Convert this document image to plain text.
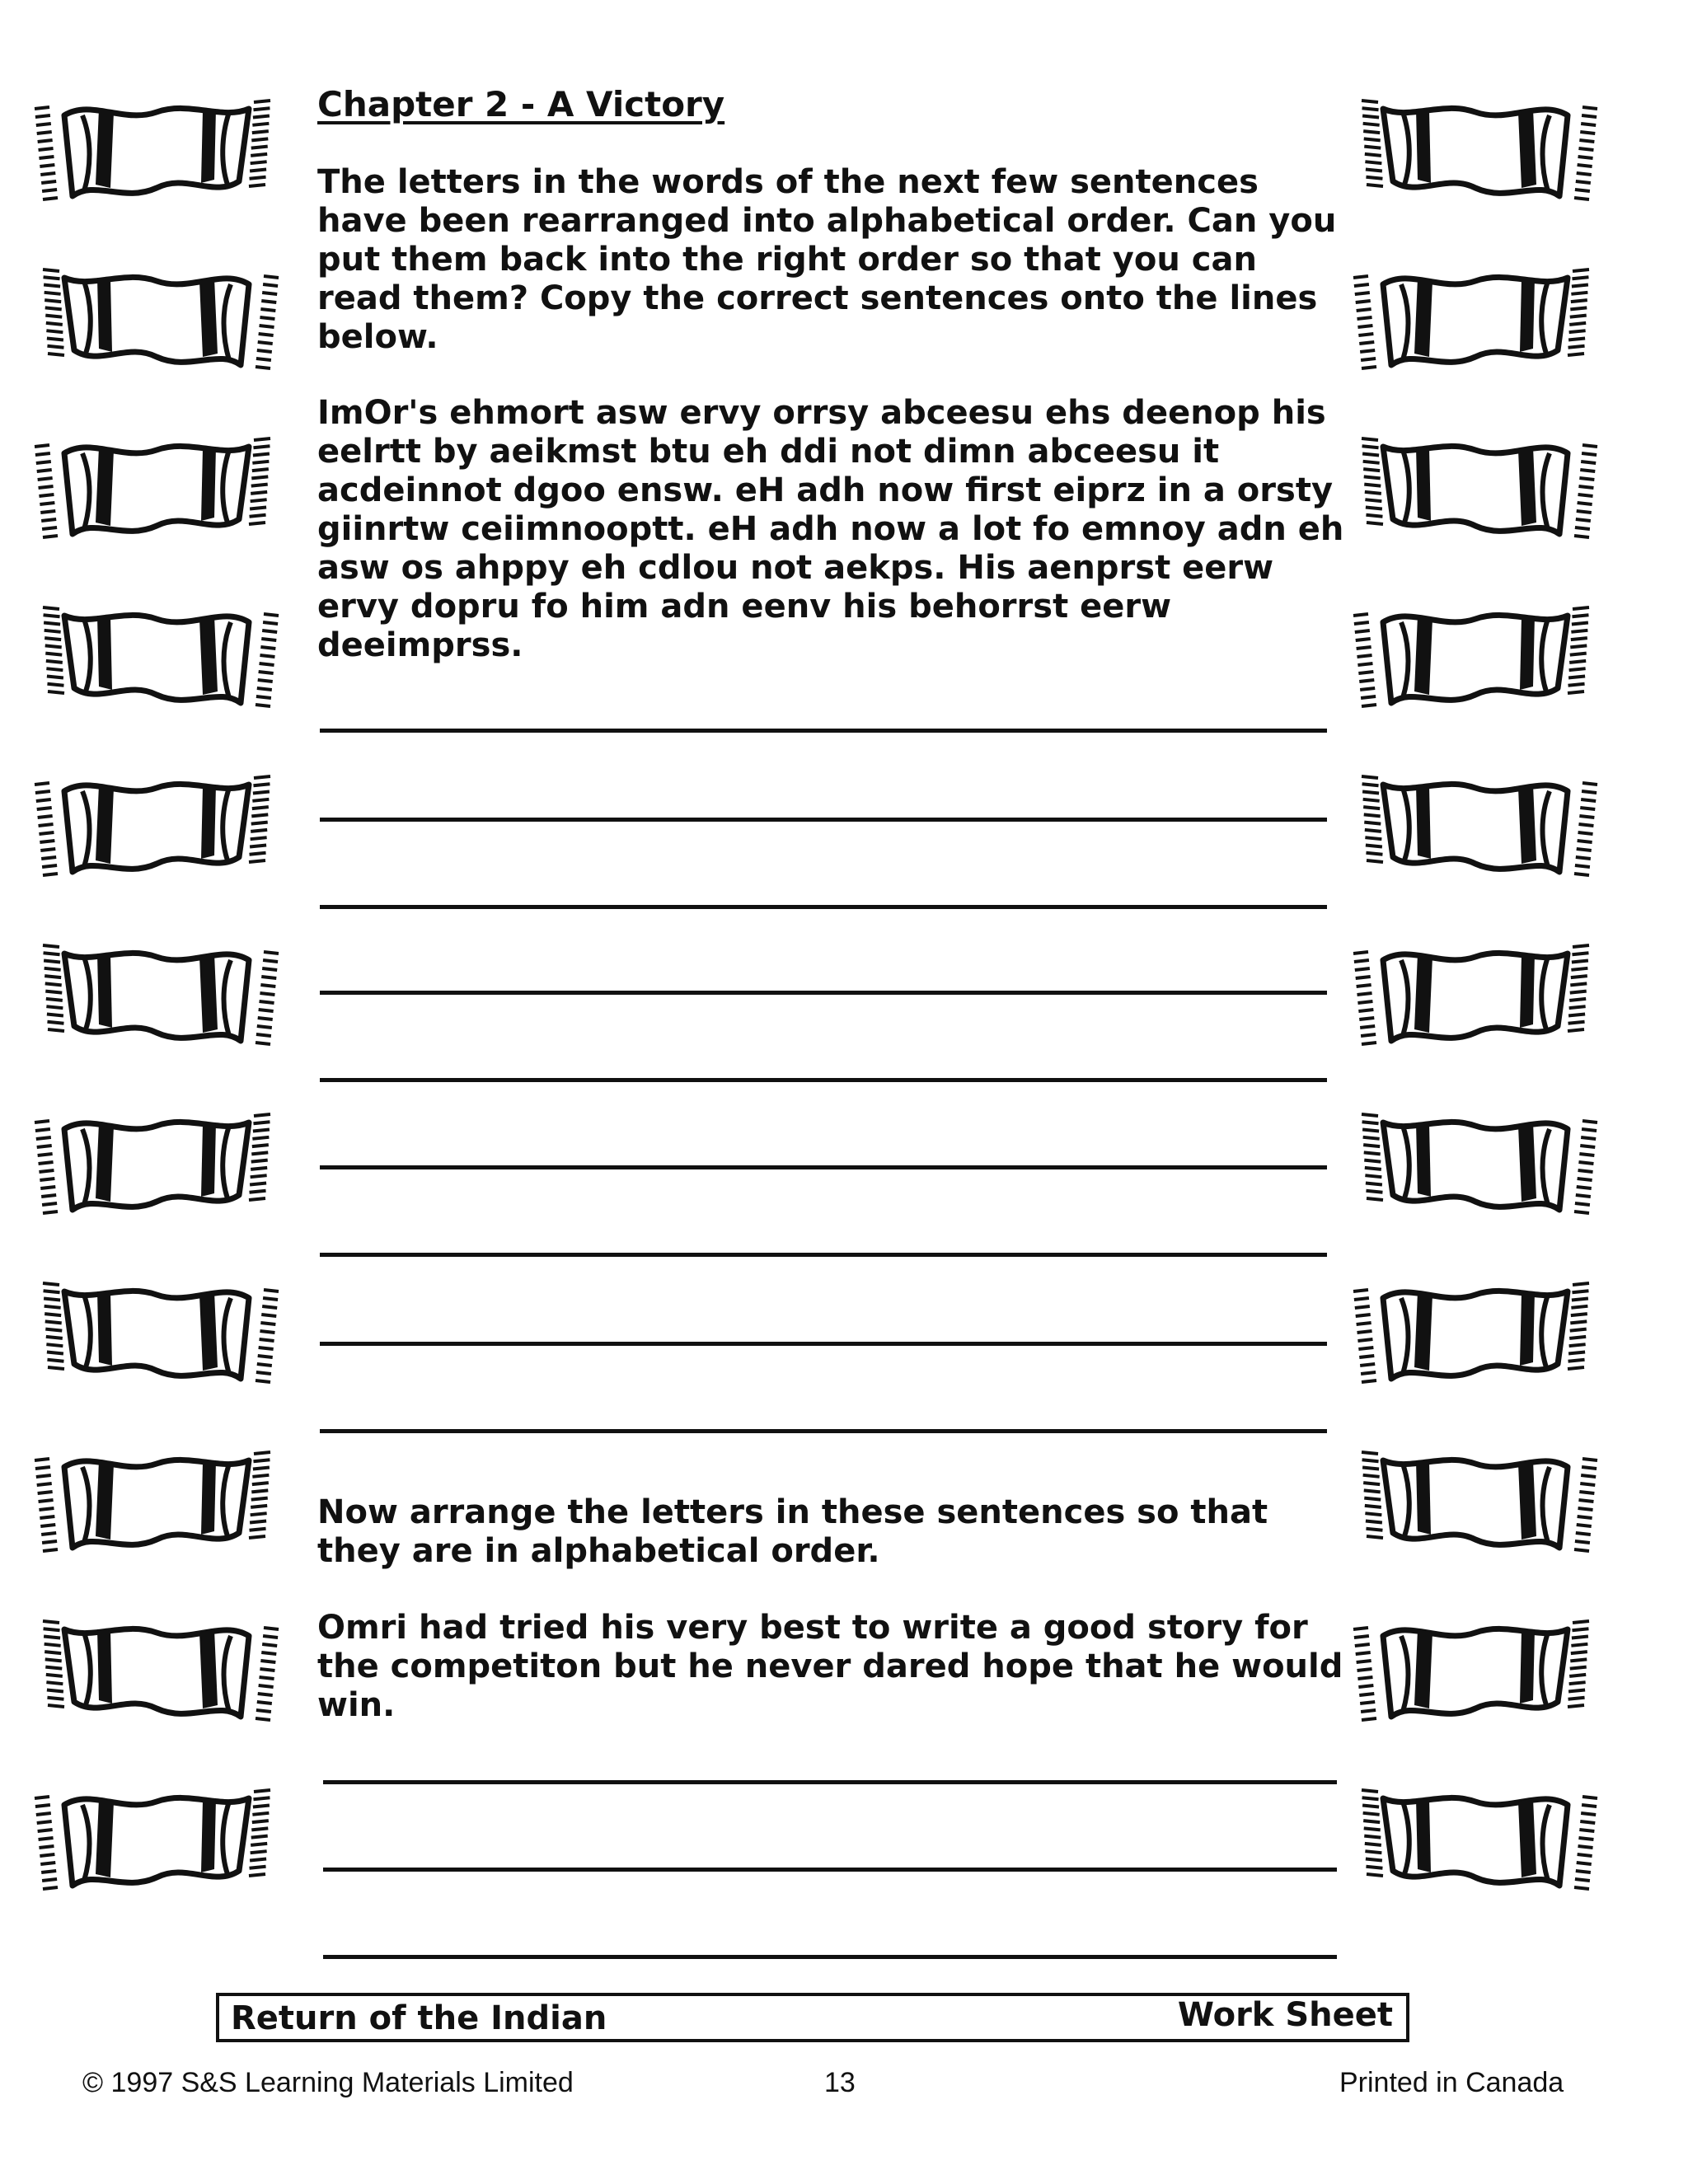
Chapter 2 - A Victory

The letters in the words of the next few sentences have been rearranged into alphabetical order. Can you put them back into the right order so that you can read them? Copy the correct sentences onto the lines below.

ImOr's ehmort asw ervy orrsy abceesu ehs deenop his eelrtt by aeikmst btu eh ddi not dimn abceesu it acdeinnot dgoo ensw. eH adh now first eiprz in a orsty giinrtw ceiimnooptt. eH adh now a lot fo emnoy adn eh asw os ahppy eh cdlou not aekps. His aenprst eerw ervy dopru fo him adn eenv his behorrst eerw deeimprss.

Now arrange the letters in these sentences so that they are in alphabetical order.

Omri had tried his very best to write a good story for the competiton but he never dared hope that he would win.

Return of the Indian	Work Sheet
© 1997 S&S Learning Materials Limited	13	Printed in Canada
